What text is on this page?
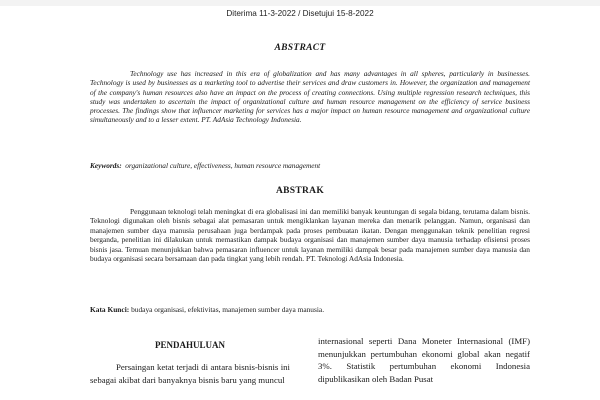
Diterima 11-3-2022 / Disetujui 15-8-2022
ABSTRACT

Technology use has increased in this era of globalization and has many advantages in all spheres, particularly in businesses. Technology is used by businesses as a marketing tool to advertise their services and draw customers in. However, the organization and management of the company's human resources also have an impact on the process of creating connections. Using multiple regression research techniques, this study was undertaken to ascertain the impact of organizational culture and human resource management on the efficiency of service business processes. The findings show that influencer marketing for services has a major impact on human resource management and organizational culture simultaneously and to a lesser extent. PT. AdAsia Technology Indonesia.

Keywords: organizational culture, effectiveness, human resource management

ABSTRAK

Penggunaan teknologi telah meningkat di era globalisasi ini dan memiliki banyak keuntungan di segala bidang, terutama dalam bisnis. Teknologi digunakan oleh bisnis sebagai alat pemasaran untuk mengiklankan layanan mereka dan menarik pelanggan. Namun, organisasi dan manajemen sumber daya manusia perusahaan juga berdampak pada proses pembuatan ikatan. Dengan menggunakan teknik penelitian regresi berganda, penelitian ini dilakukan untuk memastikan dampak budaya organisasi dan manajemen sumber daya manusia terhadap efisiensi proses bisnis jasa. Temuan menunjukkan bahwa pemasaran influencer untuk layanan memiliki dampak besar pada manajemen sumber daya manusia dan budaya organisasi secara bersamaan dan pada tingkat yang lebih rendah. PT. Teknologi AdAsia Indonesia.

Kata Kunci: budaya organisasi, efektivitas, manajemen sumber daya manusia.

PENDAHULUAN

Persaingan ketat terjadi di antara bisnis-bisnis ini sebagai akibat dari banyaknya bisnis baru yang muncul

internasional seperti Dana Moneter Internasional (IMF) menunjukkan pertumbuhan ekonomi global akan negatif 3%. Statistik pertumbuhan ekonomi Indonesia dipublikasikan oleh Badan Pusat
